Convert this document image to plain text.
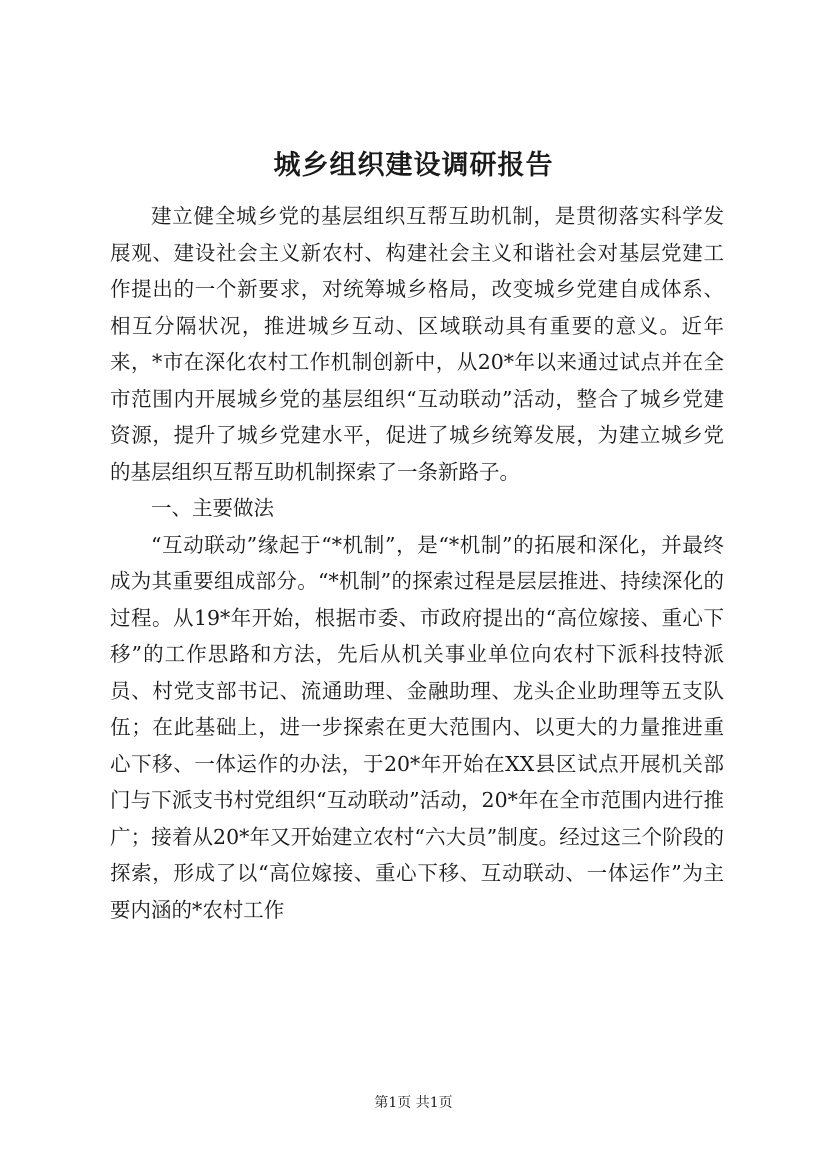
城乡组织建设调研报告

建立健全城乡党的基层组织互帮互助机制，是贯彻落实科学发展观、建设社会主义新农村、构建社会主义和谐社会对基层党建工作提出的一个新要求，对统筹城乡格局，改变城乡党建自成体系、相互分隔状况，推进城乡互动、区域联动具有重要的意义。近年来，*市在深化农村工作机制创新中，从20*年以来通过试点并在全市范围内开展城乡党的基层组织“互动联动”活动，整合了城乡党建资源，提升了城乡党建水平，促进了城乡统筹发展，为建立城乡党的基层组织互帮互助机制探索了一条新路子。

一、主要做法

“互动联动”缘起于“*机制”，是“*机制”的拓展和深化，并最终成为其重要组成部分。“*机制”的探索过程是层层推进、持续深化的过程。从19*年开始，根据市委、市政府提出的“高位嫁接、重心下移”的工作思路和方法，先后从机关事业单位向农村下派科技特派员、村党支部书记、流通助理、金融助理、龙头企业助理等五支队伍；在此基础上，进一步探索在更大范围内、以更大的力量推进重心下移、一体运作的办法，于20*年开始在XX县区试点开展机关部门与下派支书村党组织“互动联动”活动，20*年在全市范围内进行推广；接着从20*年又开始建立农村“六大员”制度。经过这三个阶段的探索，形成了以“高位嫁接、重心下移、互动联动、一体运作”为主要内涵的*农村工作

第1页 共1页
